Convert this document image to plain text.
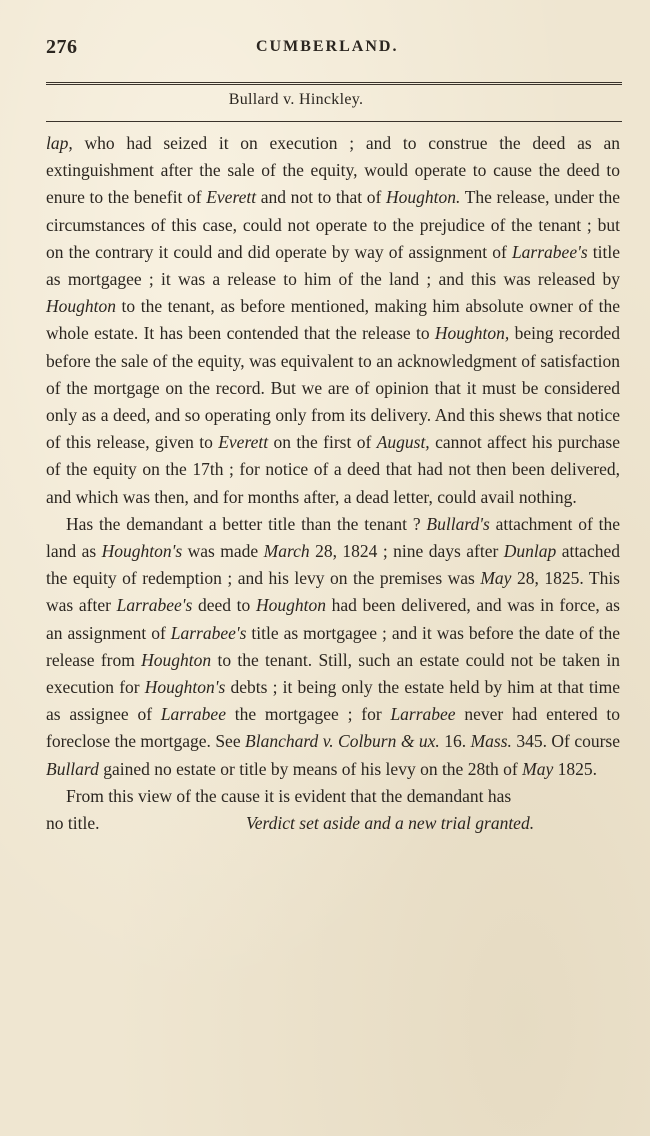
276	CUMBERLAND.
Bullard v. Hinckley.

lap, who had seized it on execution ; and to construe the deed as an extinguishment after the sale of the equity, would operate to cause the deed to enure to the benefit of Everett and not to that of Houghton. The release, under the circumstances of this case, could not operate to the prejudice of the tenant ; but on the contrary it could and did operate by way of assignment of Larrabee's title as mortgagee ; it was a release to him of the land ; and this was released by Houghton to the tenant, as before mentioned, making him absolute owner of the whole estate. It has been contended that the release to Houghton, being recorded before the sale of the equity, was equivalent to an acknowledgment of satisfaction of the mortgage on the record. But we are of opinion that it must be considered only as a deed, and so operating only from its delivery. And this shews that notice of this release, given to Everett on the first of August, cannot affect his purchase of the equity on the 17th ; for notice of a deed that had not then been delivered, and which was then, and for months after, a dead letter, could avail nothing.

Has the demandant a better title than the tenant ? Bullard's attachment of the land as Houghton's was made March 28, 1824 ; nine days after Dunlap attached the equity of redemption ; and his levy on the premises was May 28, 1825. This was after Larrabee's deed to Houghton had been delivered, and was in force, as an assignment of Larrabee's title as mortgagee ; and it was before the date of the release from Houghton to the tenant. Still, such an estate could not be taken in execution for Houghton's debts ; it being only the estate held by him at that time as assignee of Larrabee the mortgagee ; for Larrabee never had entered to foreclose the mortgage. See Blanchard v. Colburn & ux. 16. Mass. 345. Of course Bullard gained no estate or title by means of his levy on the 28th of May 1825.

From this view of the cause it is evident that the demandant has

no title.	Verdict set aside and a new trial granted.
